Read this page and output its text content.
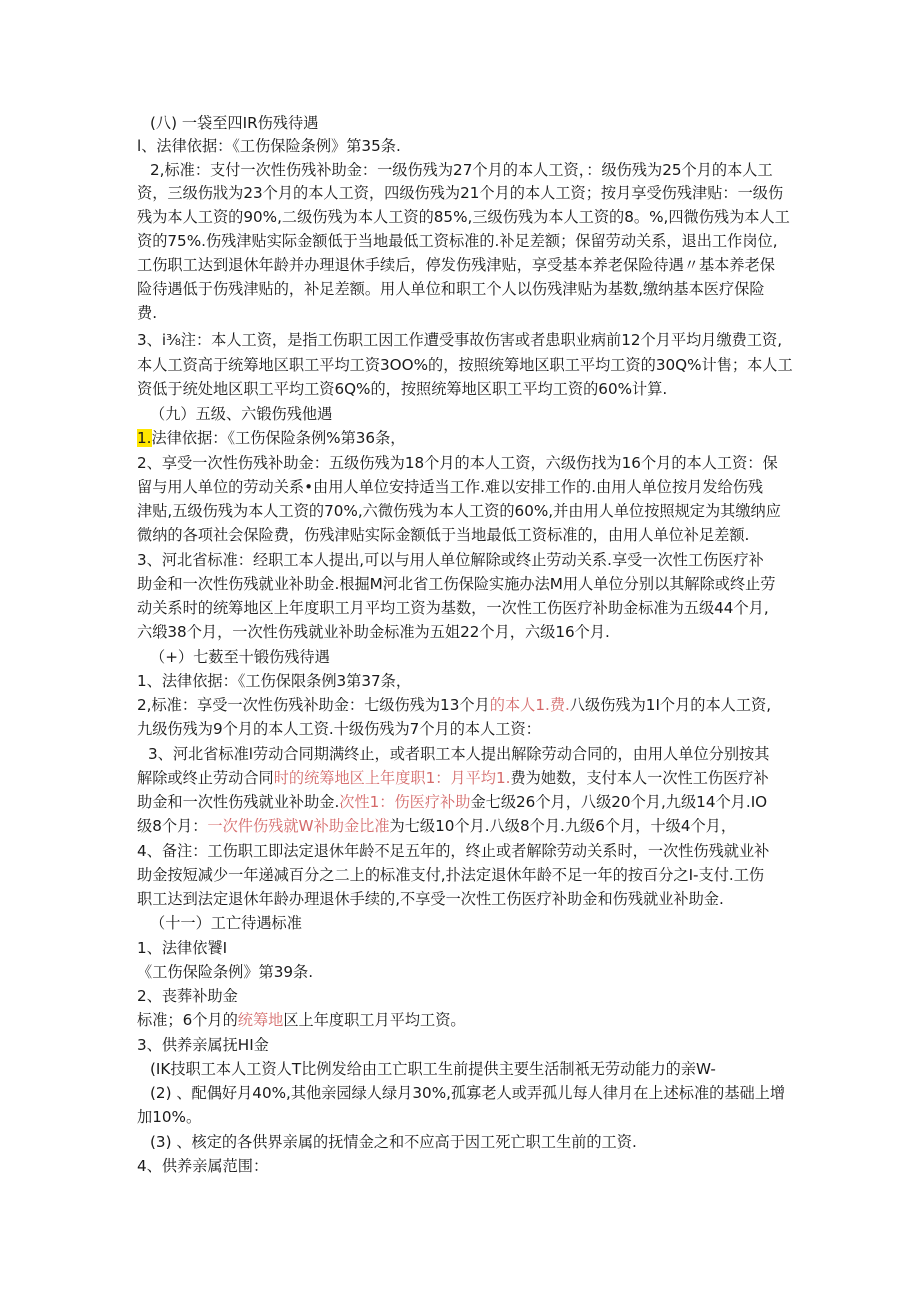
(八) 一袋至四IR伤残待遇
l、法律依据：《工伤保险条例》第35条.
2,标准：支付一次性伤残补助金：一级伤残为27个月的本人工资，：级伤残为25个月的本人工
资，三级伤戕为23个月的本人工资，四级伤残为21个月的本人工资；按月享受伤残津贴：一级伤
残为本人工资的90%,二级伤残为本人工资的85%,三级伤残为本人工资的8。%,四微伤残为本人工
资的75%.伤残津贴实际金额低于当地最低工资标准的.补足差额；保留劳动关系，退出工作岗位,
工伤职工达到退休年龄并办理退休手续后，停发伤残津贴，享受基本养老保险待遇〃基本养老保
险待遇低于伤残津贴的，补足差额。用人单位和职工个人以伤残津贴为基数,缴纳基本医疗保险
费.
3、i⅜注：本人工资，是指工伤职工因工作遭受事故伤害或者患职业病前12个月平均月缴费工资,
本人工资高于统筹地区职工平均工资3OO%的，按照统筹地区职工平均工资的30Q%计售；本人工
资低于统处地区职工平均工资6Q%的，按照统筹地区职工平均工资的60%计算.
（九）五级、六锻伤残他遇
1.法律依据：《工伤保险条例%第36条，
2、享受一次性伤残补助金：五级伤残为18个月的本人工资，六级伤找为16个月的本人工资：保
留与用人单位的劳动关系•由用人单位安持适当工作.难以安排工作的.由用人单位按月发给伤残
津贴,五级伤残为本人工资的70%,六微伤残为本人工资的60%,并由用人单位按照规定为其缴纳应
微纳的各项社会保险费，伤残津贴实际金额低于当地最低工资标准的，由用人单位补足差额.
3、河北省标准：经职工本人提出,可以与用人单位解除或终止劳动关系.享受一次性工伤医疗补
助金和一次性伤残就业补助金.根掘M河北省工伤保险实施办法M用人单位分别以其解除或终止劳
动关系时的统筹地区上年度职工月平均工资为基数，一次性工伤医疗补助金标准为五级44个月,
六缎38个月，一次性伤残就业补助金标准为五姐22个月，六级16个月.
（+）七薮至十锻伤残待遇
1、法律依据：《工伤保限条例3第37条，
2,标准：享受一次性伤残补助金：七级伤残为13个月的本人1.费.八级伤残为1I个月的本人工资,
九级伤残为9个月的本人工资.十级伤残为7个月的本人工资：
3、河北省标准l劳动合同期满终止，或者职工本人提出解除劳动合同的，由用人单位分别按其
解除或终止劳动合同时的统筹地区上年度职1：月平均1.费为她数，支付本人一次性工伤医疗补
助金和一次性伤残就业补助金.次性1：伤医疗补助金七级26个月，八级20个月,九级14个月.IO
级8个月：一次件伤残就W补助金比准为七级10个月.八级8个月.九级6个月，十级4个月，
4、备注：工伤职工即法定退休年龄不足五年的，终止或者解除劳动关系时，一次性伤残就业补
助金按短减少一年递减百分之二上的标准支付,扑法定退休年龄不足一年的按百分之I-支付.工伤
职工达到法定退休年龄办理退休手续的,不享受一次性工伤医疗补助金和伤残就业补助金.
（十一）工亡待遇标准
1、法律依饕I
《工伤保险条例》第39条.
2、丧葬补助金
标准；6个月的统筹地区上年度职工月平均工资。
3、供养亲属抚HI金
(IK技职工本人工资人T比例发给由工亡职工生前提供主要生活制衹无劳动能力的亲W-
(2) 、配偶好月40%,其他亲园绿人绿月30%,孤寡老人或弄孤儿每人律月在上述标准的基础上增
加10%。
(3) 、核定的各供界亲属的抚情金之和不应高于因工死亡职工生前的工资.
4、供养亲属范围：
